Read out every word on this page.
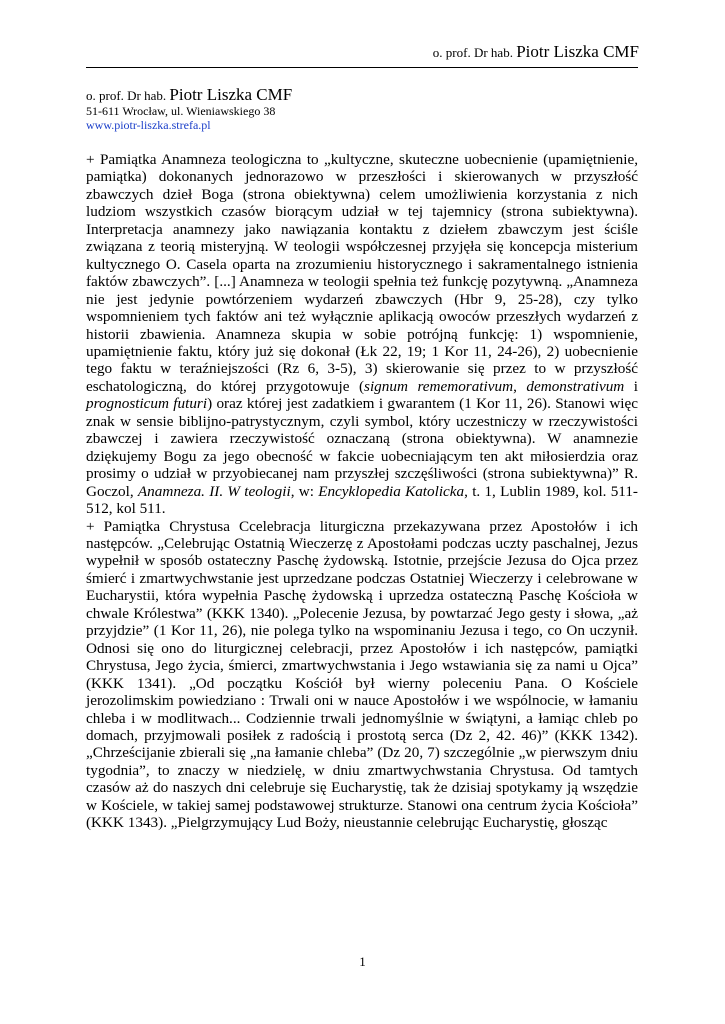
o. prof. Dr hab. Piotr Liszka CMF
o. prof. Dr hab. Piotr Liszka CMF
51-611 Wrocław, ul. Wieniawskiego 38
www.piotr-liszka.strefa.pl

+ Pamiątka Anamneza teologiczna to „kultyczne, skuteczne uobecnienie (upamiętnienie, pamiątka) dokonanych jednorazowo w przeszłości i skierowanych w przyszłość zbawczych dzieł Boga (strona obiektywna) celem umożliwienia korzystania z nich ludziom wszystkich czasów biorącym udział w tej tajemnicy (strona subiektywna). Interpretacja anamnezy jako nawiązania kontaktu z dziełem zbawczym jest ściśle związana z teorią misteryjną. W teologii współczesnej przyjęła się koncepcja misterium kultycznego O. Casela oparta na zrozumieniu historycznego i sakramentalnego istnienia faktów zbawczych”. [...] Anamneza w teologii spełnia też funkcję pozytywną. „Anamneza nie jest jedynie powtórzeniem wydarzeń zbawczych (Hbr 9, 25-28), czy tylko wspomnieniem tych faktów ani też wyłącznie aplikacją owoców przeszłych wydarzeń z historii zbawienia. Anamneza skupia w sobie potrójną funkcję: 1) wspomnienie, upamiętnienie faktu, który już się dokonał (Łk 22, 19; 1 Kor 11, 24-26), 2) uobecnienie tego faktu w teraźniejszości (Rz 6, 3-5), 3) skierowanie się przez to w przyszłość eschatologiczną, do której przygotowuje (signum rememorativum, demonstrativum i prognosticum futuri) oraz której jest zadatkiem i gwarantem (1 Kor 11, 26). Stanowi więc znak w sensie biblijno-patrystycznym, czyli symbol, który uczestniczy w rzeczywistości zbawczej i zawiera rzeczywistość oznaczaną (strona obiektywna). W anamnezie dziękujemy Bogu za jego obecność w fakcie uobecniającym ten akt miłosierdzia oraz prosimy o udział w przyobiecanej nam przyszłej szczęśliwości (strona subiektywna)” R. Goczol, Anamneza. II. W teologii, w: Encyklopedia Katolicka, t. 1, Lublin 1989, kol. 511-512, kol 511.

+ Pamiątka Chrystusa Ccelebracja liturgiczna przekazywana przez Apostołów i ich następców. „Celebrując Ostatnią Wieczerzę z Apostołami podczas uczty paschalnej, Jezus wypełnił w sposób ostateczny Paschę żydowską. Istotnie, przejście Jezusa do Ojca przez śmierć i zmartwychwstanie jest uprzedzane podczas Ostatniej Wieczerzy i celebrowane w Eucharystii, która wypełnia Paschę żydowską i uprzedza ostateczną Paschę Kościoła w chwale Królestwa” (KKK 1340). „Polecenie Jezusa, by powtarzać Jego gesty i słowa, „aż przyjdzie” (1 Kor 11, 26), nie polega tylko na wspominaniu Jezusa i tego, co On uczynił. Odnosi się ono do liturgicznej celebracji, przez Apostołów i ich następców, pamiątki Chrystusa, Jego życia, śmierci, zmartwychwstania i Jego wstawiania się za nami u Ojca” (KKK 1341). „Od początku Kościół był wierny poleceniu Pana. O Kościele jerozolimskim powiedziano : Trwali oni w nauce Apostołów i we wspólnocie, w łamaniu chleba i w modlitwach... Codziennie trwali jednomyślnie w świątyni, a łamiąc chleb po domach, przyjmowali posiłek z radością i prostotą serca (Dz 2, 42. 46)” (KKK 1342). „Chrześcijanie zbierali się „na łamanie chleba” (Dz 20, 7) szczególnie „w pierwszym dniu tygodnia”, to znaczy w niedzielę, w dniu zmartwychwstania Chrystusa. Od tamtych czasów aż do naszych dni celebruje się Eucharystię, tak że dzisiaj spotykamy ją wszędzie w Kościele, w takiej samej podstawowej strukturze. Stanowi ona centrum życia Kościoła” (KKK 1343). „Pielgrzymujący Lud Boży, nieustannie celebrując Eucharystię, głosząc

1
